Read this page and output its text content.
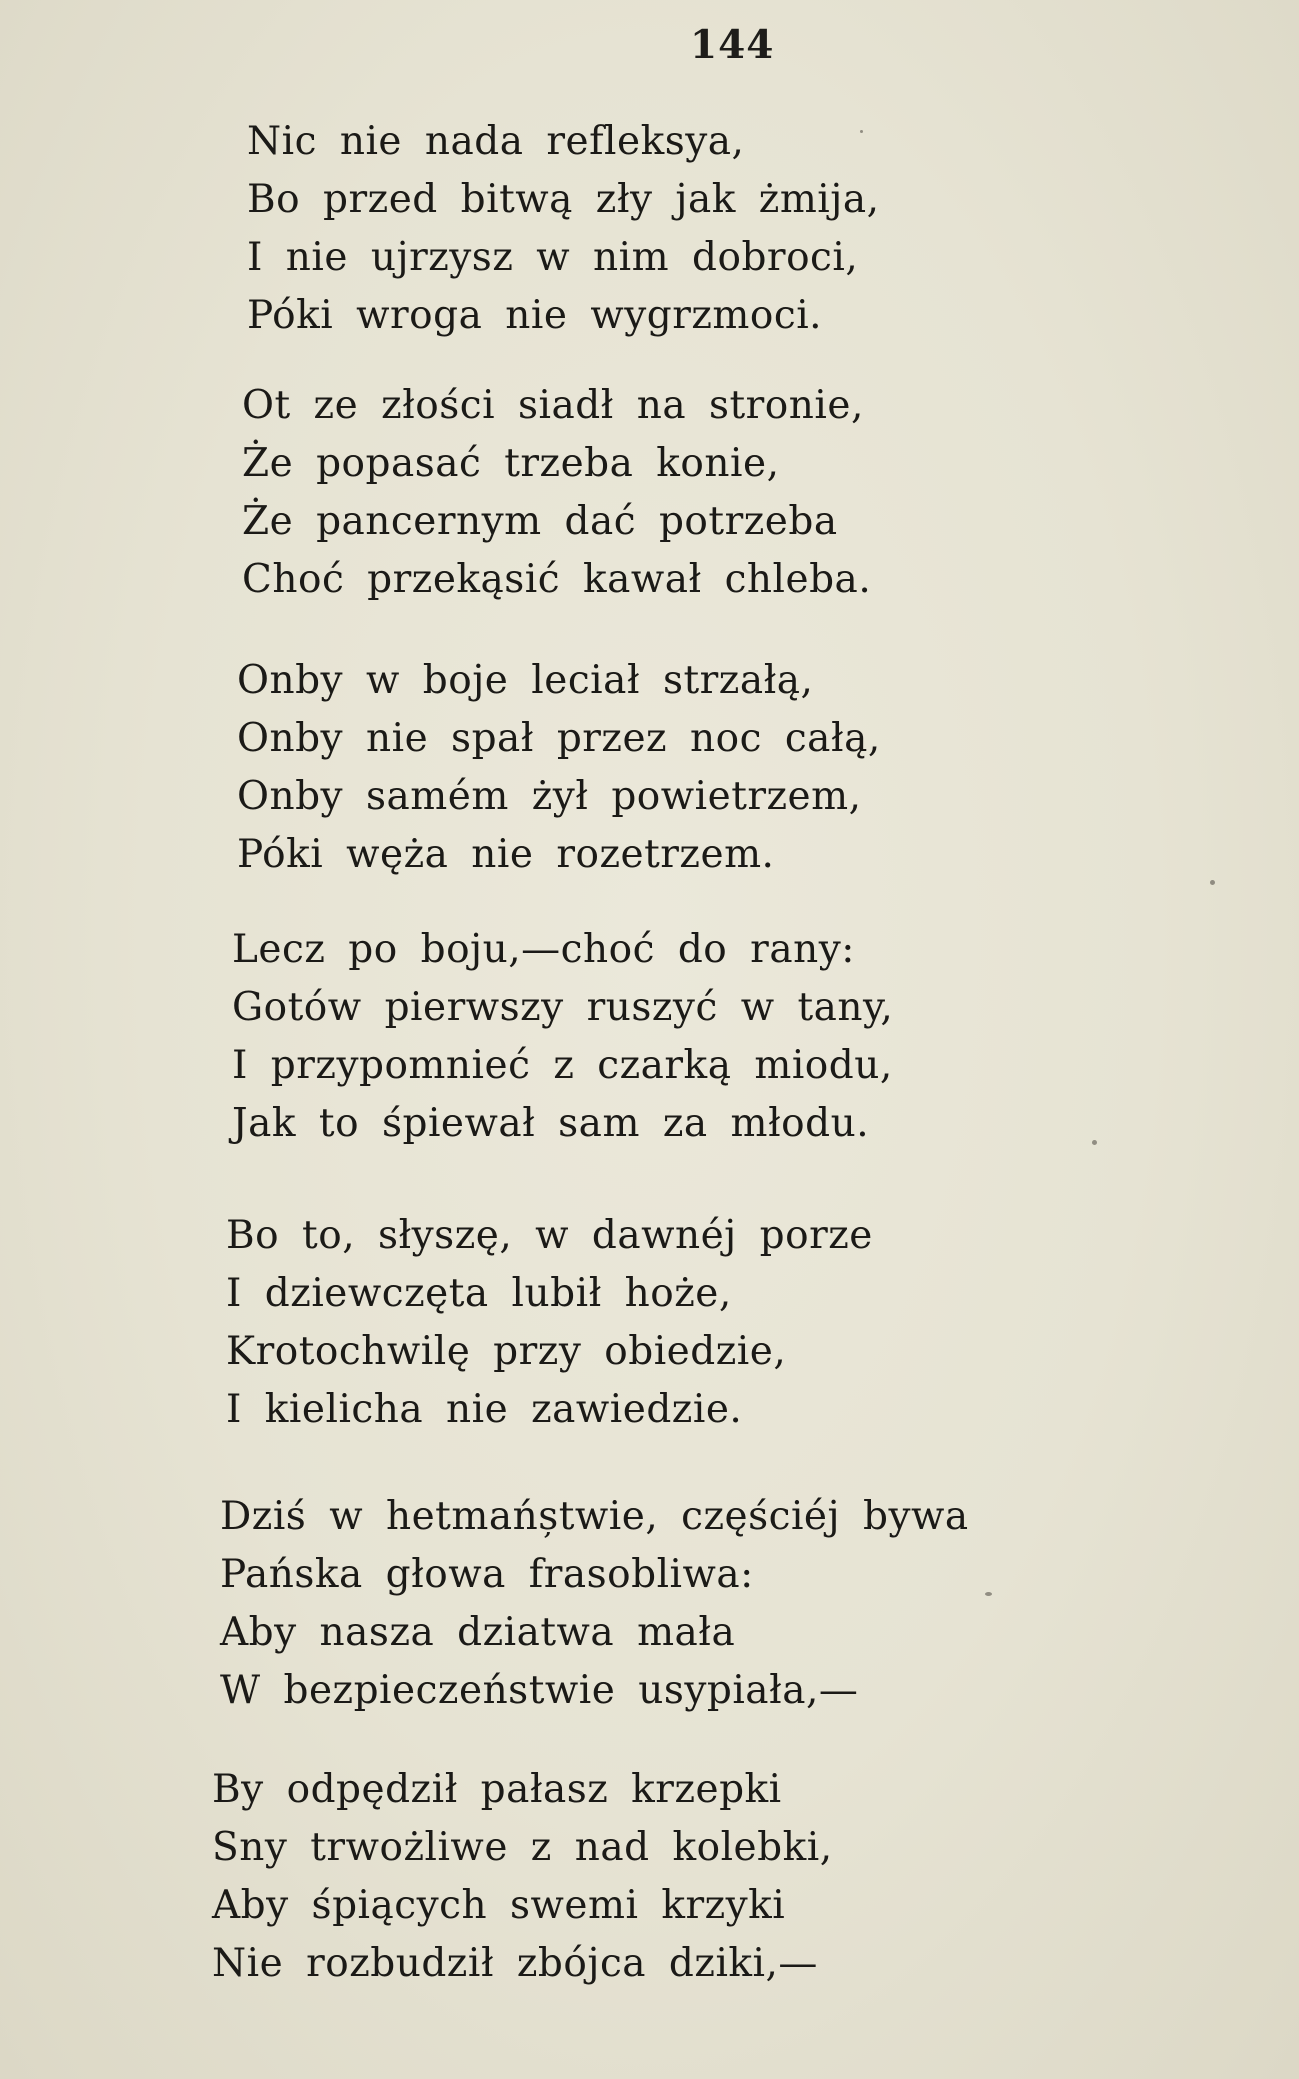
144
Nic nie nada refleksya,
Bo przed bitwą zły jak żmija,
I nie ujrzysz w nim dobroci,
Póki wroga nie wygrzmoci.
Ot ze złości siadł na stronie,
Że popasać trzeba konie,
Że pancernym dać potrzeba
Choć przekąsić kawał chleba.
Onby w boje leciał strzałą,
Onby nie spał przez noc całą,
Onby samém żył powietrzem,
Póki węża nie rozetrzem.
Lecz po boju,—choć do rany:
Gotów pierwszy ruszyć w tany,
I przypomnieć z czarką miodu,
Jak to śpiewał sam za młodu.
Bo to, słyszę, w dawnéj porze
I dziewczęta lubił hoże,
Krotochwilę przy obiedzie,
I kielicha nie zawiedzie.
Dziś w hetmańștwie, częściéj bywa
Pańska głowa frasobliwa:
Aby nasza dziatwa mała
W bezpieczeństwie usypiała,—
By odpędził pałasz krzepki
Sny trwożliwe z nad kolebki,
Aby śpiących swemi krzyki
Nie rozbudził zbójca dziki,—
